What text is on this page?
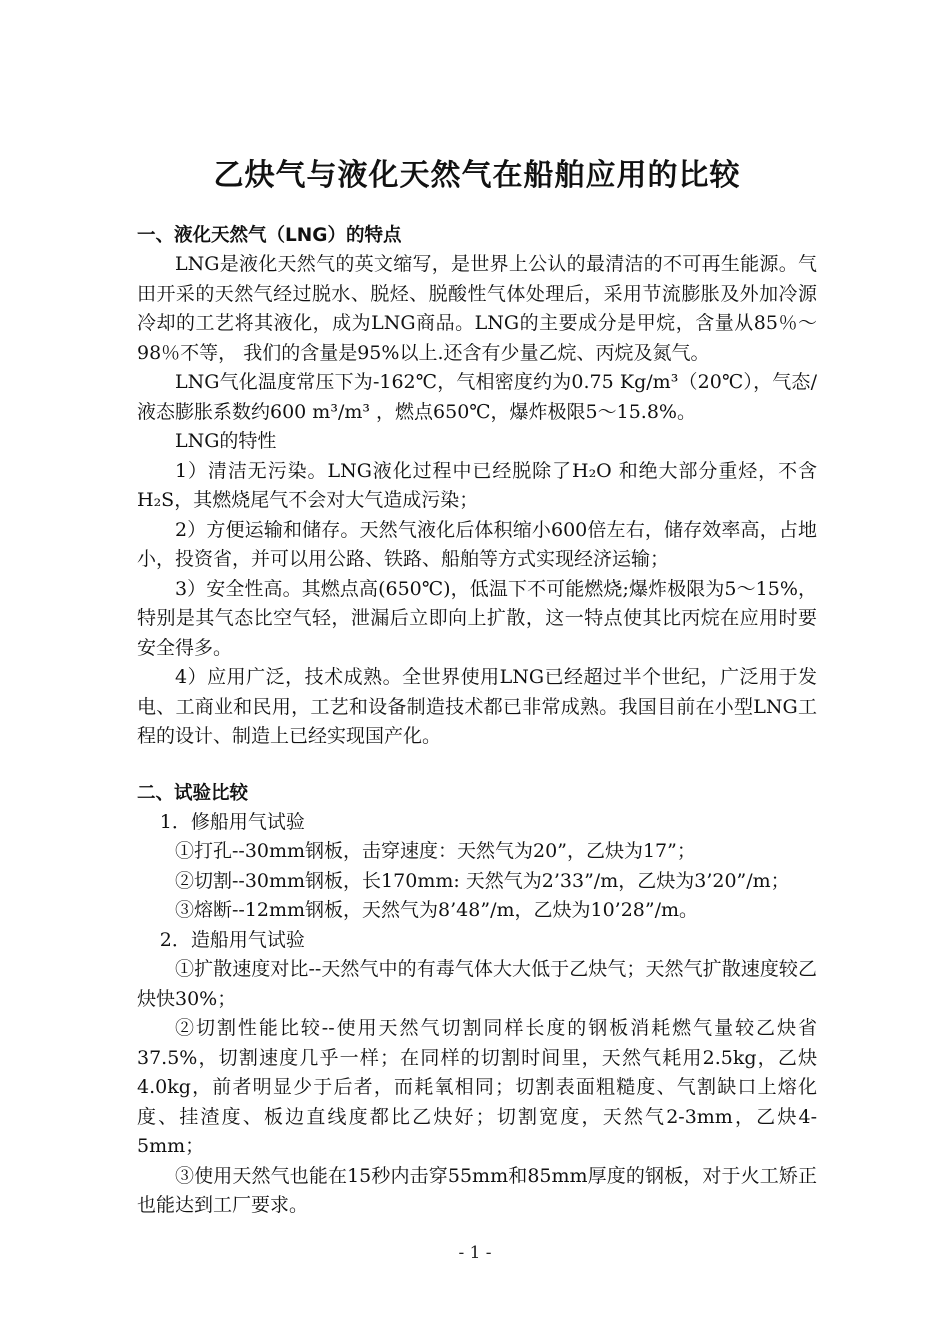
乙炔气与液化天然气在船舶应用的比较
一、液化天然气（LNG）的特点

LNG是液化天然气的英文缩写，是世界上公认的最清洁的不可再生能源。气田开采的天然气经过脱水、脱烃、脱酸性气体处理后，采用节流膨胀及外加冷源冷却的工艺将其液化，成为LNG商品。LNG的主要成分是甲烷，含量从85％～98％不等， 我们的含量是95%以上.还含有少量乙烷、丙烷及氮气。

LNG气化温度常压下为-162℃，气相密度约为0.75 Kg/m³（20℃），气态/液态膨胀系数约600 m³/m³ ，燃点650℃，爆炸极限5～15.8%。

LNG的特性

1）清洁无污染。LNG液化过程中已经脱除了H₂O 和绝大部分重烃，不含H₂S，其燃烧尾气不会对大气造成污染；

2）方便运输和储存。天然气液化后体积缩小600倍左右，储存效率高，占地小，投资省，并可以用公路、铁路、船舶等方式实现经济运输；

3）安全性高。其燃点高(650℃)，低温下不可能燃烧;爆炸极限为5～15%，特别是其气态比空气轻，泄漏后立即向上扩散，这一特点使其比丙烷在应用时要安全得多。

4）应用广泛，技术成熟。全世界使用LNG已经超过半个世纪，广泛用于发电、工商业和民用，工艺和设备制造技术都已非常成熟。我国目前在小型LNG工程的设计、制造上已经实现国产化。

二、试验比较

1．修船用气试验

①打孔--30mm钢板，击穿速度：天然气为20”，乙炔为17”；

②切割--30mm钢板，长170mm: 天然气为2’33”/m，乙炔为3’20”/m；

③熔断--12mm钢板，天然气为8’48”/m，乙炔为10’28”/m。

2．造船用气试验

①扩散速度对比--天然气中的有毒气体大大低于乙炔气；天然气扩散速度较乙炔快30%；

②切割性能比较--使用天然气切割同样长度的钢板消耗燃气量较乙炔省37.5%，切割速度几乎一样；在同样的切割时间里，天然气耗用2.5kg，乙炔4.0kg，前者明显少于后者，而耗氧相同；切割表面粗糙度、气割缺口上熔化度、挂渣度、板边直线度都比乙炔好；切割宽度，天然气2-3mm，乙炔4-5mm；

③使用天然气也能在15秒内击穿55mm和85mm厚度的钢板，对于火工矫正也能达到工厂要求。

- 1 -
